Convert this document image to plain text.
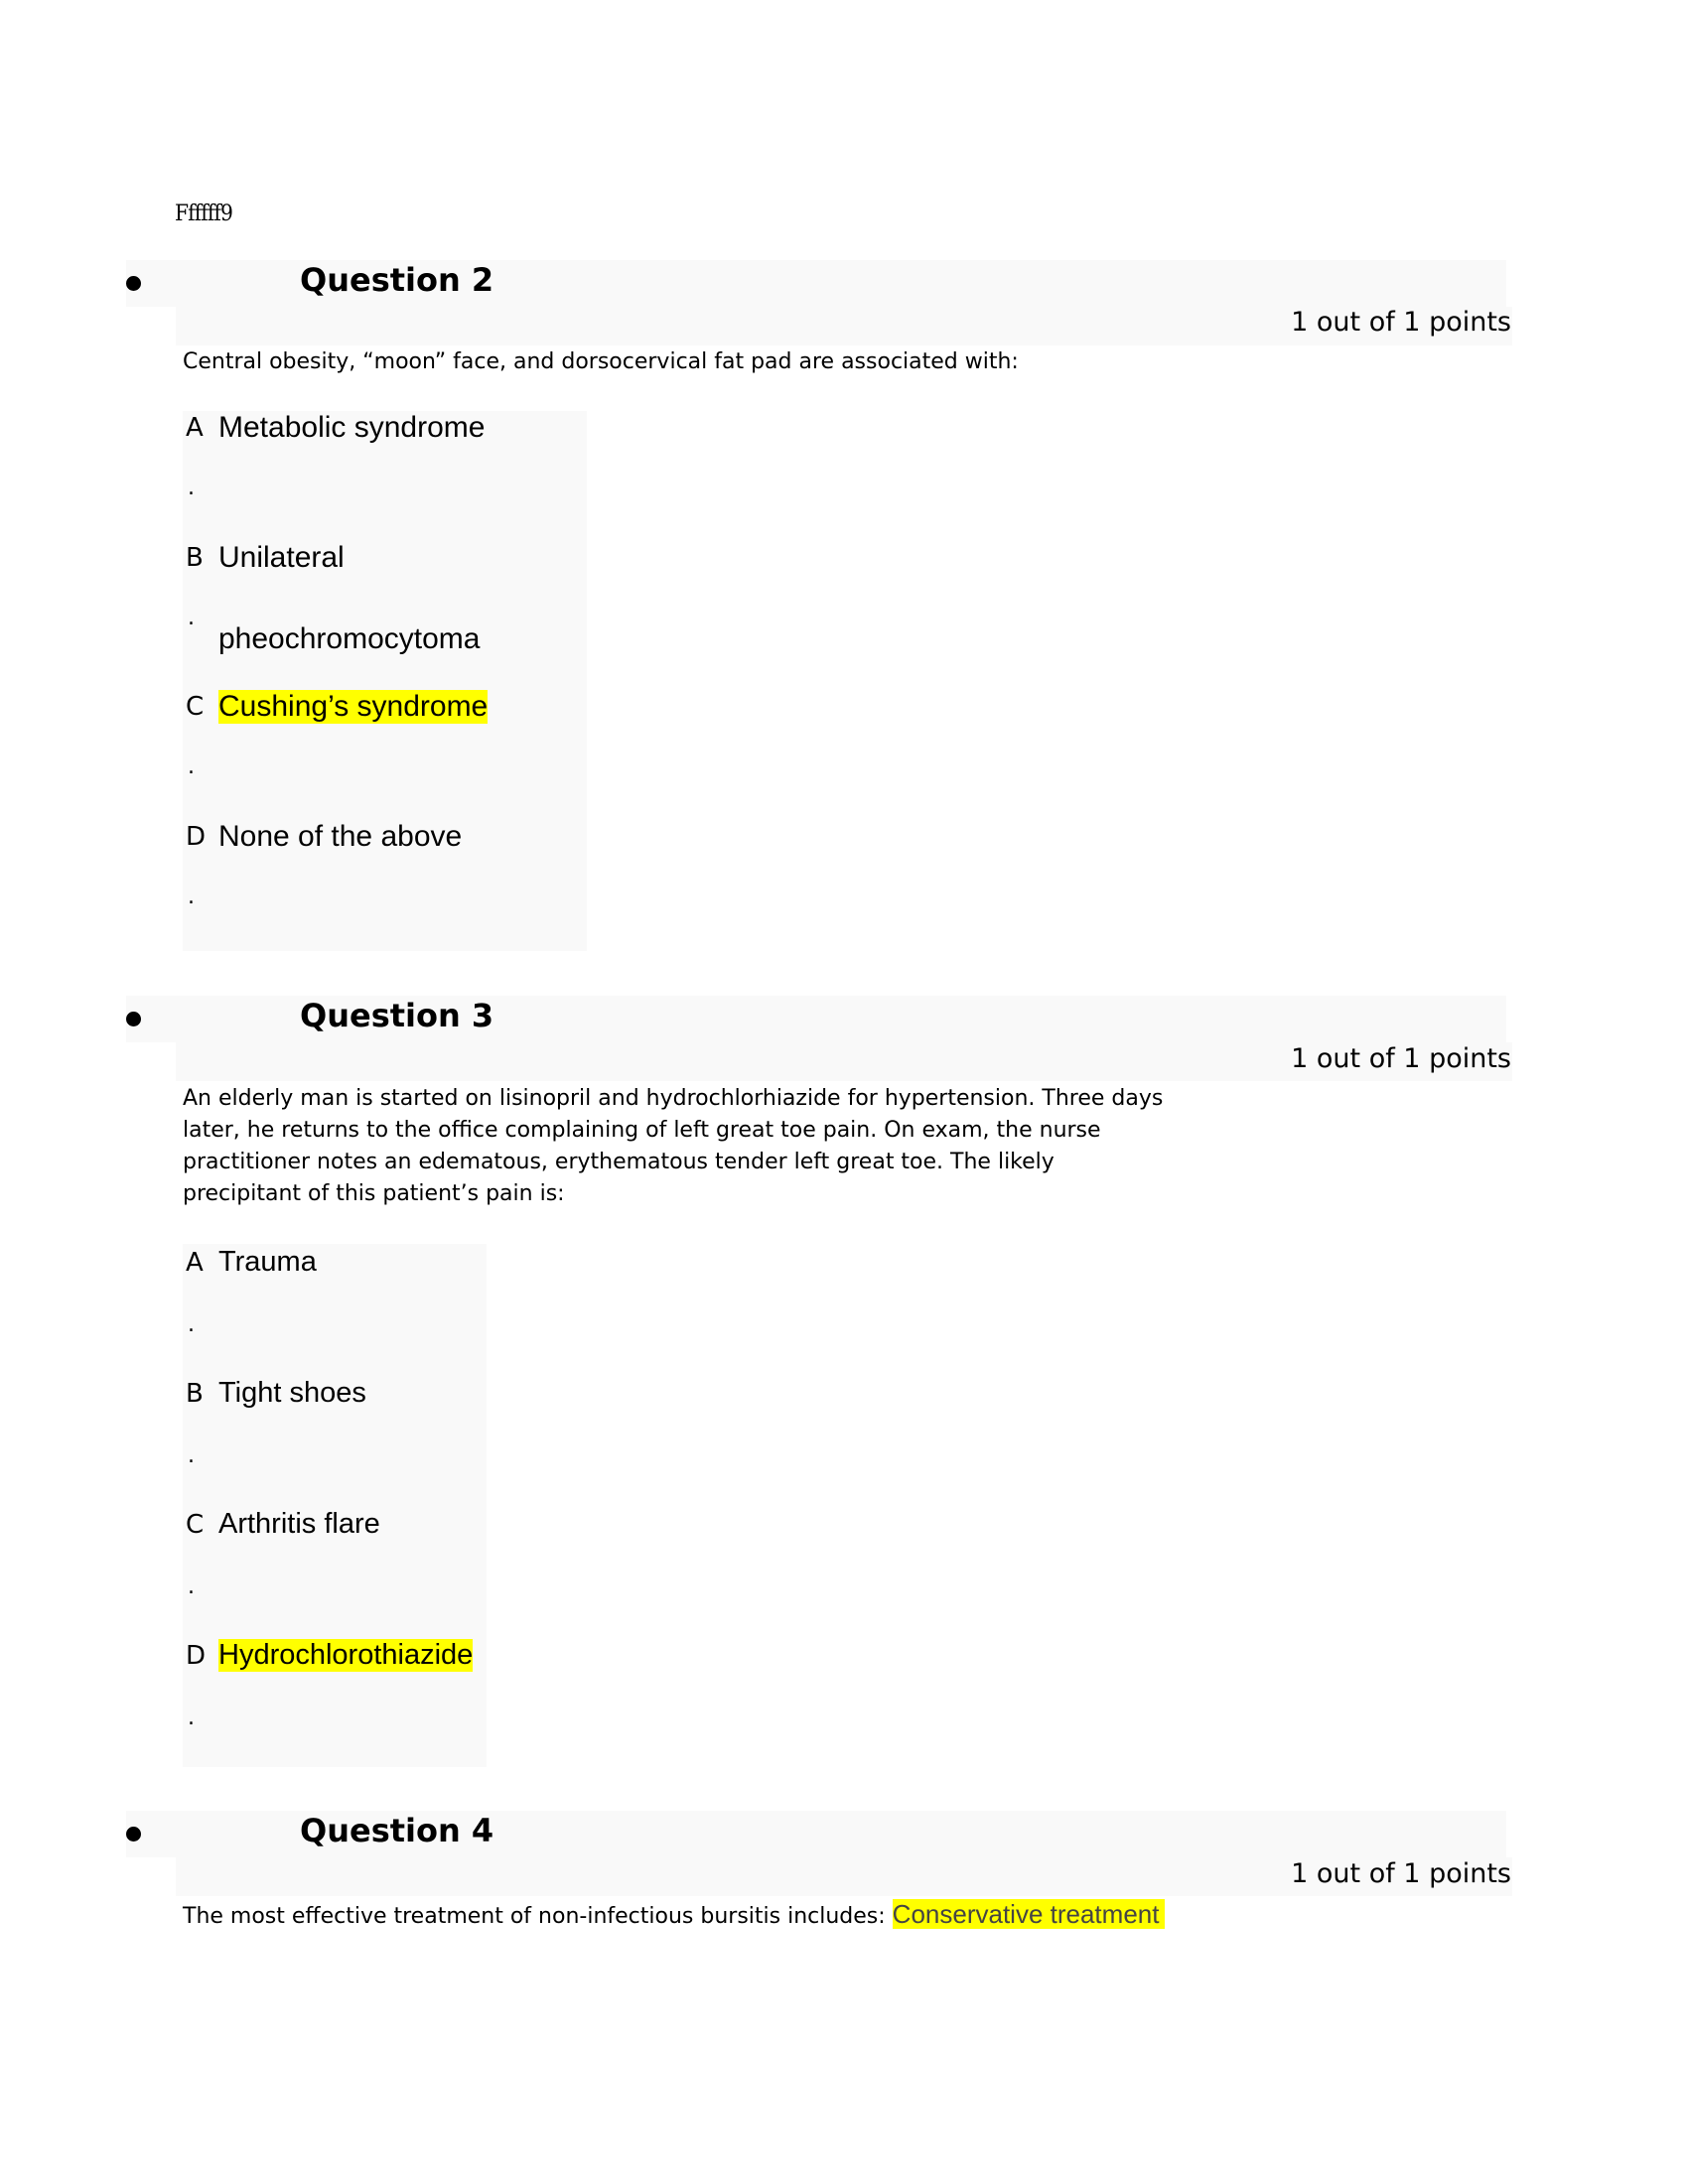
Ffffff9
Question 2
1 out of 1 points
Central obesity, “moon” face, and dorsocervical fat pad are associated with:
A Metabolic syndrome
.
B Unilateral
.
pheochromocytoma
C Cushing’s syndrome
.
D None of the above
.
Question 3
1 out of 1 points
An elderly man is started on lisinopril and hydrochlorhiazide for hypertension. Three days
later, he returns to the office complaining of left great toe pain. On exam, the nurse
practitioner notes an edematous, erythematous tender left great toe. The likely
precipitant of this patient’s pain is:
A Trauma
.
B Tight shoes
.
C Arthritis flare
.
D Hydrochlorothiazide
.
Question 4
1 out of 1 points
The most effective treatment of non-infectious bursitis includes: Conservative treatment
